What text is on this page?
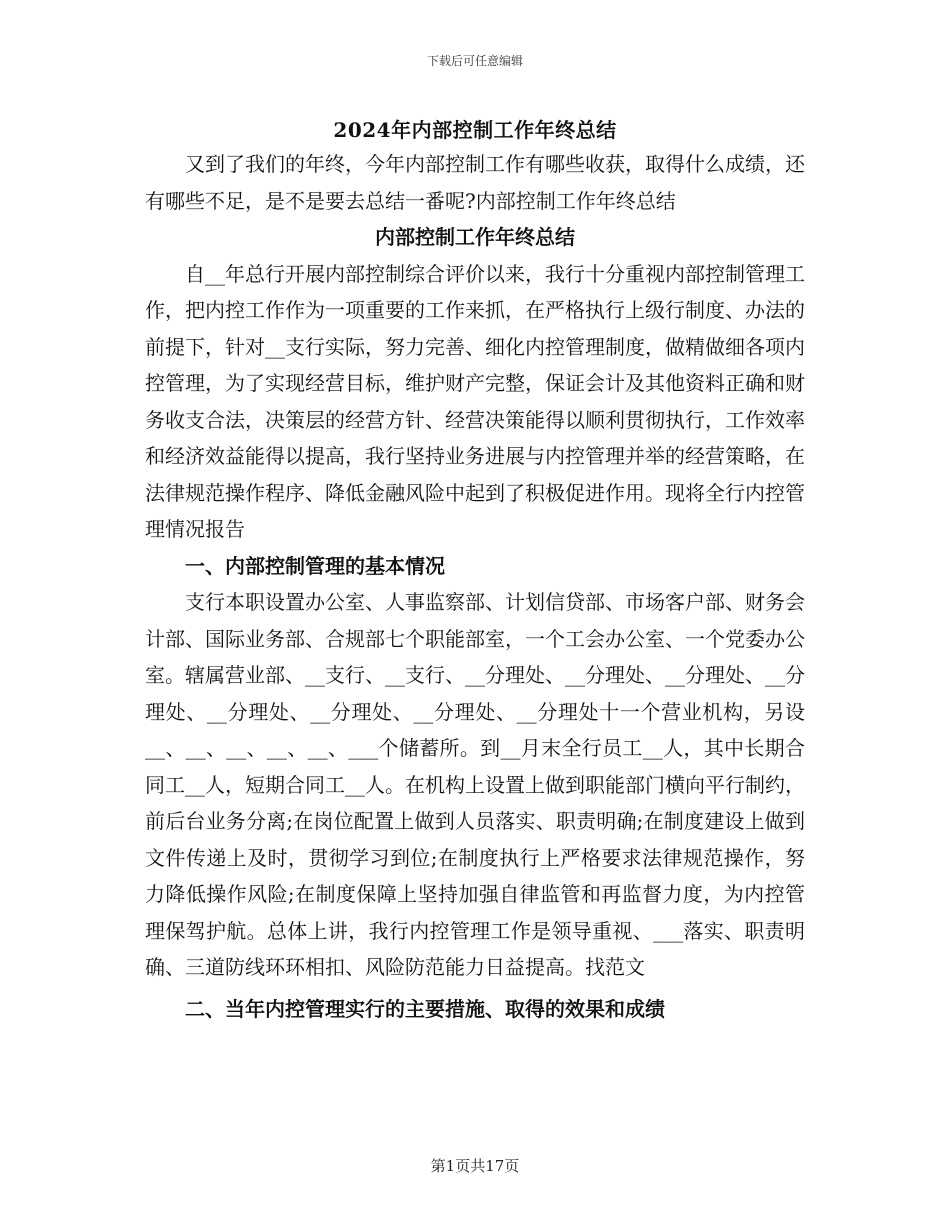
下载后可任意编辑
2024年内部控制工作年终总结

又到了我们的年终，今年内部控制工作有哪些收获，取得什么成绩，还有哪些不足，是不是要去总结一番呢?内部控制工作年终总结

内部控制工作年终总结

自__年总行开展内部控制综合评价以来，我行十分重视内部控制管理工作，把内控工作作为一项重要的工作来抓，在严格执行上级行制度、办法的前提下，针对__支行实际，努力完善、细化内控管理制度，做精做细各项内控管理，为了实现经营目标，维护财产完整，保证会计及其他资料正确和财务收支合法，决策层的经营方针、经营决策能得以顺利贯彻执行，工作效率和经济效益能得以提高，我行坚持业务进展与内控管理并举的经营策略，在法律规范操作程序、降低金融风险中起到了积极促进作用。现将全行内控管理情况报告

一、内部控制管理的基本情况

支行本职设置办公室、人事监察部、计划信贷部、市场客户部、财务会计部、国际业务部、合规部七个职能部室，一个工会办公室、一个党委办公室。辖属营业部、__支行、__支行、__分理处、__分理处、__分理处、__分理处、__分理处、__分理处、__分理处、__分理处十一个营业机构，另设__、__、__、__、__、___个储蓄所。到__月末全行员工__人，其中长期合同工__人，短期合同工__人。在机构上设置上做到职能部门横向平行制约，前后台业务分离;在岗位配置上做到人员落实、职责明确;在制度建设上做到文件传递上及时，贯彻学习到位;在制度执行上严格要求法律规范操作，努力降低操作风险;在制度保障上坚持加强自律监管和再监督力度，为内控管理保驾护航。总体上讲，我行内控管理工作是领导重视、___落实、职责明确、三道防线环环相扣、风险防范能力日益提高。找范文

二、当年内控管理实行的主要措施、取得的效果和成绩

第1页共17页
